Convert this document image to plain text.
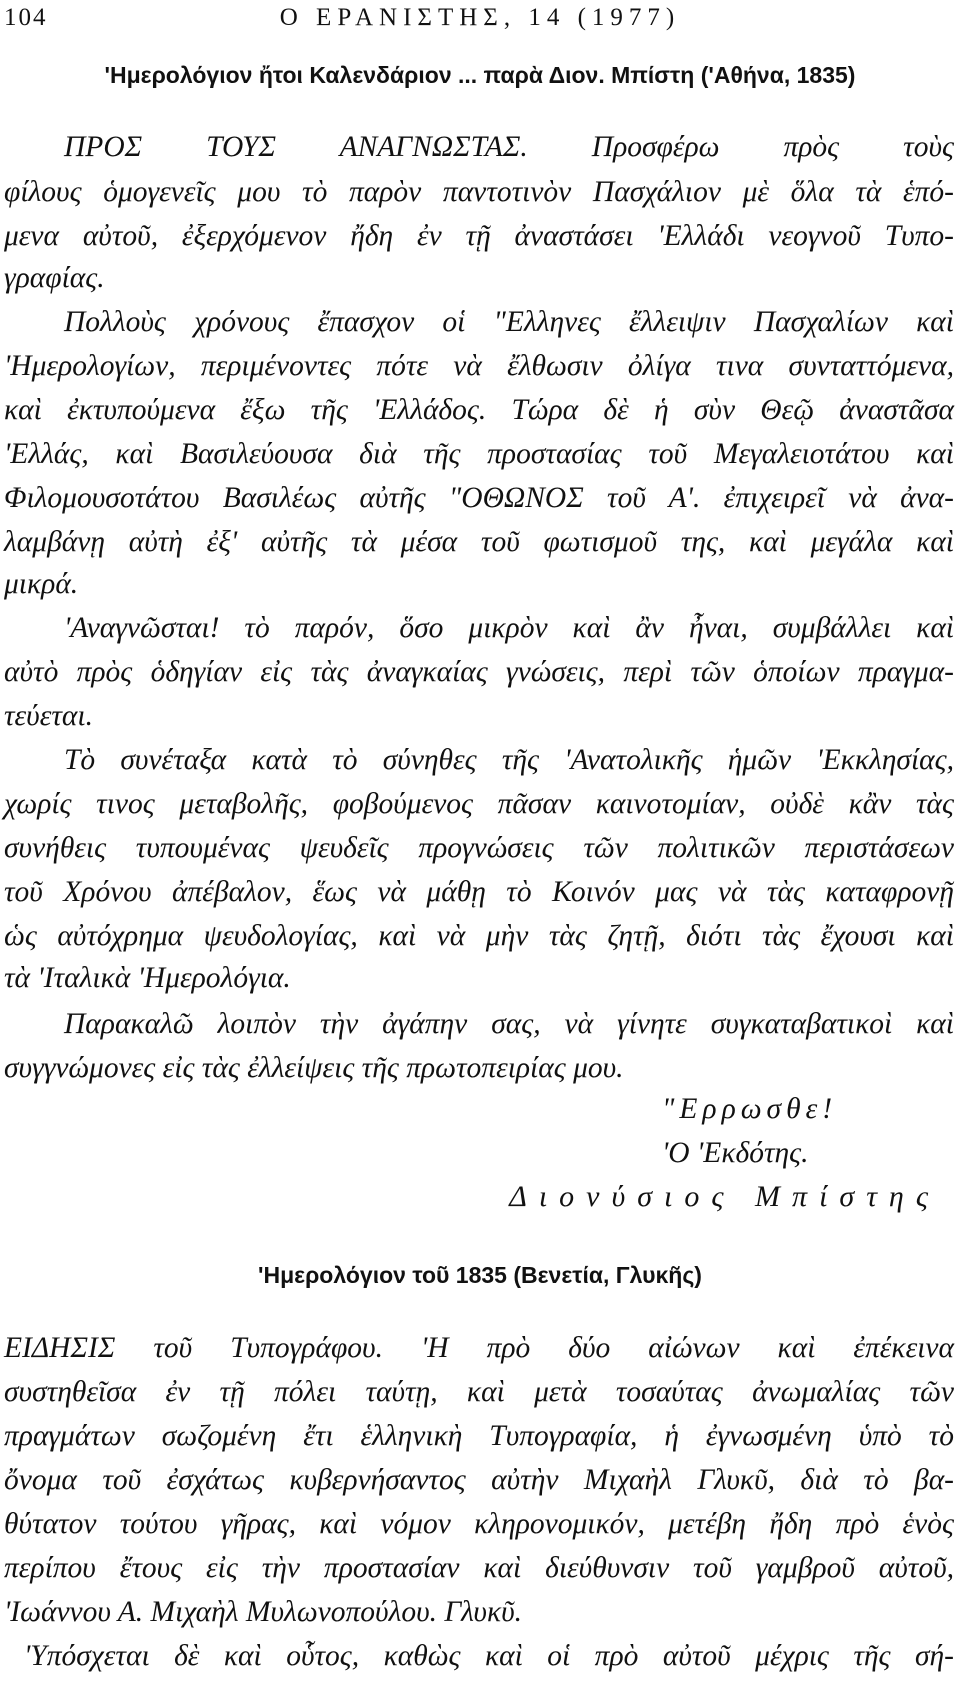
104	Ο ΕΡΑΝΙΣΤΗΣ, 14 (1977)
'Ημερολόγιον ἤτοι Καλενδάριον ... παρὰ Διον. Μπίστη ('Αθήνα, 1835)
ΠΡΟΣ ΤΟΥΣ ΑΝΑΓΝΩΣΤΑΣ. Προσφέρω πρὸς τοὺς
φίλους ὁμογενεῖς μου τὸ παρὸν παντοτινὸν Πασχάλιον μὲ ὅλα τὰ ἑπό-
μενα αὐτοῦ, ἐξερχόμενον ἤδη ἐν τῇ ἀναστάσει 'Ελλάδι νεογνοῦ Τυπο-
γραφίας.
Πολλοὺς χρόνους ἔπασχον οἱ "Ελληνες ἔλλειψιν Πασχαλίων καὶ
'Ημερολογίων, περιμένοντες πότε νὰ ἔλθωσιν ὀλίγα τινα συνταττόμενα,
καὶ ἐκτυπούμενα ἔξω τῆς 'Ελλάδος. Τώρα δὲ ἡ σὺν Θεῷ ἀναστᾶσα
'Ελλάς, καὶ Βασιλεύουσα διὰ τῆς προστασίας τοῦ Μεγαλειοτάτου καὶ
Φιλομουσοτάτου Βασιλέως αὐτῆς "ΟΘΩΝΟΣ τοῦ Α'. ἐπιχειρεῖ νὰ ἀνα-
λαμβάνῃ αὐτὴ ἐξ' αὐτῆς τὰ μέσα τοῦ φωτισμοῦ της, καὶ μεγάλα καὶ
μικρά.
'Αναγνῶσται! τὸ παρόν, ὅσο μικρὸν καὶ ἂν ἦναι, συμβάλλει καὶ
αὐτὸ πρὸς ὁδηγίαν εἰς τὰς ἀναγκαίας γνώσεις, περὶ τῶν ὁποίων πραγμα-
τεύεται.
Τὸ συνέταξα κατὰ τὸ σύνηθες τῆς 'Ανατολικῆς ἡμῶν 'Εκκλησίας,
χωρίς τινος μεταβολῆς, φοβούμενος πᾶσαν καινοτομίαν, οὐδὲ κἂν τὰς
συνήθεις τυπουμένας ψευδεῖς προγνώσεις τῶν πολιτικῶν περιστάσεων
τοῦ Χρόνου ἀπέβαλον, ἕως νὰ μάθῃ τὸ Κοινόν μας νὰ τὰς καταφρονῇ
ὡς αὐτόχρημα ψευδολογίας, καὶ νὰ μὴν τὰς ζητῇ, διότι τὰς ἔχουσι καὶ
τὰ 'Ιταλικὰ 'Ημερολόγια.
Παρακαλῶ λοιπὸν τὴν ἀγάπην σας, νὰ γίνητε συγκαταβατικοὶ καὶ
συγγνώμονες εἰς τὰς ἐλλείψεις τῆς πρωτοπειρίας μου.
"Ερρωσθε!
'Ο 'Εκδότης.
Διονύσιος Μπίστης
'Ημερολόγιον τοῦ 1835 (Βενετία, Γλυκῆς)
ΕΙΔΗΣΙΣ τοῦ Τυπογράφου. 'Η πρὸ δύο αἰώνων καὶ ἐπέκεινα
συστηθεῖσα ἐν τῇ πόλει ταύτῃ, καὶ μετὰ τοσαύτας ἀνωμαλίας τῶν
πραγμάτων σωζομένη ἔτι ἑλληνικὴ Τυπογραφία, ἡ ἐγνωσμένη ὑπὸ τὸ
ὄνομα τοῦ ἐσχάτως κυβερνήσαντος αὐτὴν Μιχαὴλ Γλυκῦ, διὰ τὸ βα-
θύτατον τούτου γῆρας, καὶ νόμον κληρονομικόν, μετέβη ἤδη πρὸ ἑνὸς
περίπου ἔτους εἰς τὴν προστασίαν καὶ διεύθυνσιν τοῦ γαμβροῦ αὐτοῦ,
'Ιωάννου Α. Μιχαὴλ Μυλωνοπούλου. Γλυκῦ.
'Υπόσχεται δὲ καὶ οὗτος, καθὼς καὶ οἱ πρὸ αὐτοῦ μέχρις τῆς σή-
